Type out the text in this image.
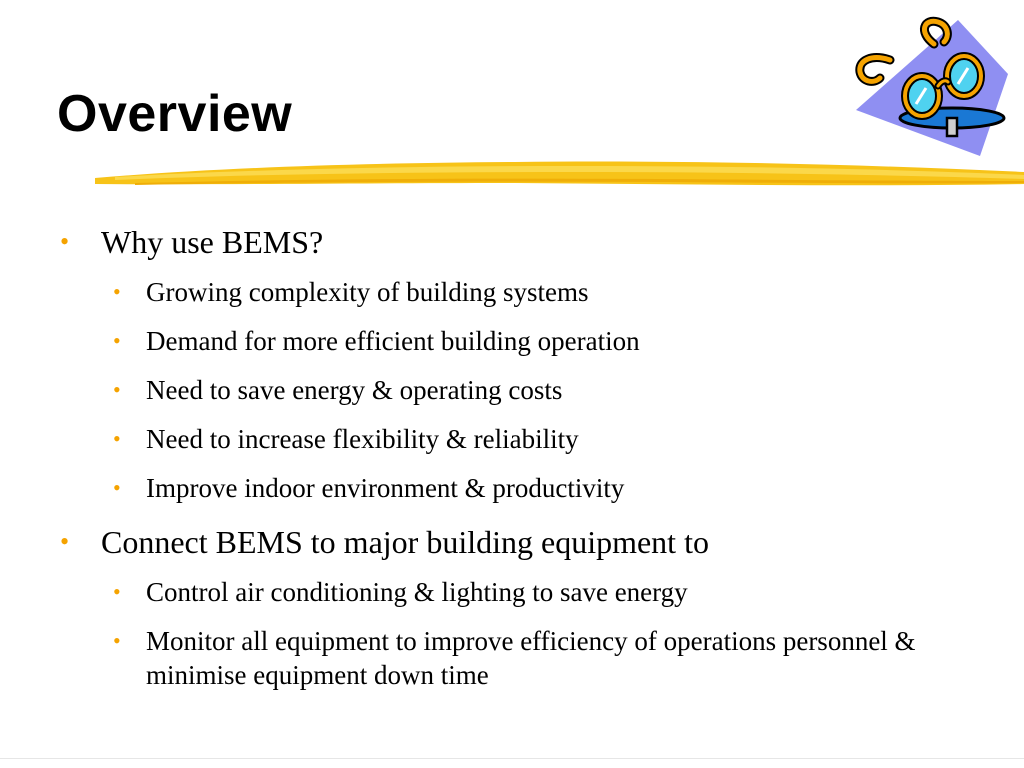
Overview

• Why use BEMS?

• Growing complexity of building systems

• Demand for more efficient building operation

• Need to save energy & operating costs

• Need to increase flexibility & reliability

• Improve indoor environment & productivity

• Connect BEMS to major building equipment to

• Control air conditioning & lighting to save energy

• Monitor all equipment to improve efficiency of operations personnel & minimise equipment down time
